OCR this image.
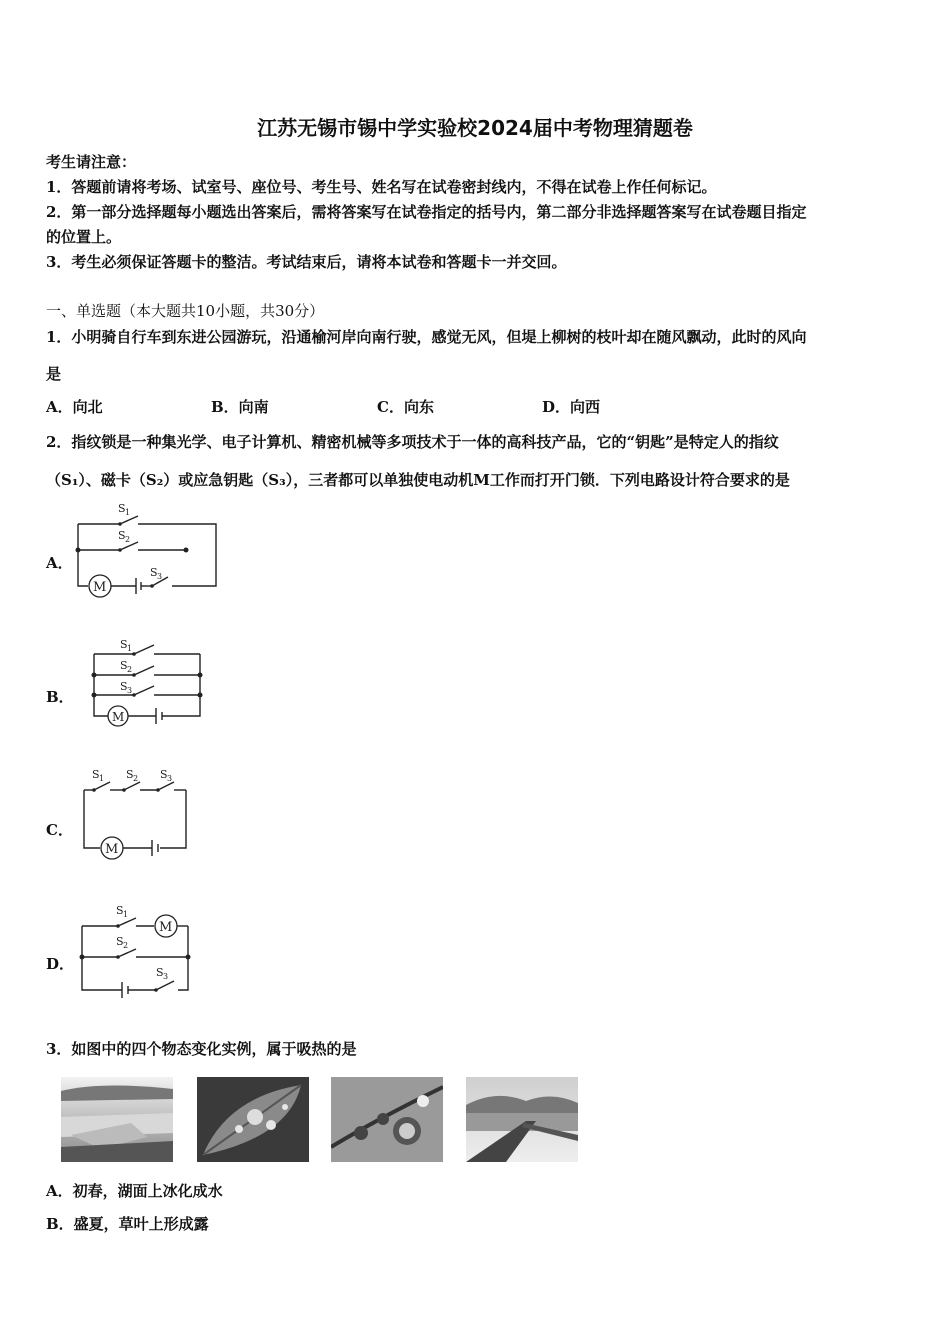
江苏无锡市锡中学实验校2024届中考物理猜题卷
考生请注意：
1．答题前请将考场、试室号、座位号、考生号、姓名写在试卷密封线内，不得在试卷上作任何标记。
2．第一部分选择题每小题选出答案后，需将答案写在试卷指定的括号内，第二部分非选择题答案写在试卷题目指定
的位置上。
3．考生必须保证答题卡的整洁。考试结束后，请将本试卷和答题卡一并交回。
一、单选题（本大题共10小题，共30分）
1．小明骑自行车到东进公园游玩，沿通榆河岸向南行驶，感觉无风，但堤上柳树的枝叶却在随风飘动，此时的风向
是
A．向北	B．向南	C．向东	D．向西
2．指纹锁是一种集光学、电子计算机、精密机械等多项技术于一体的高科技产品，它的“钥匙”是特定人的指纹
（S₁）、磁卡（S₂）或应急钥匙（S₃），三者都可以单独使电动机M工作而打开门锁．下列电路设计符合要求的是
A．
M
S 1
S 2
S 3
B．
M
S 1
S 2
S 3
C．
M
S 1 S 2 S 3
D．
M
S 1
S 2
S 3
3．如图中的四个物态变化实例，属于吸热的是
A．初春，湖面上冰化成水
B．盛夏，草叶上形成露
